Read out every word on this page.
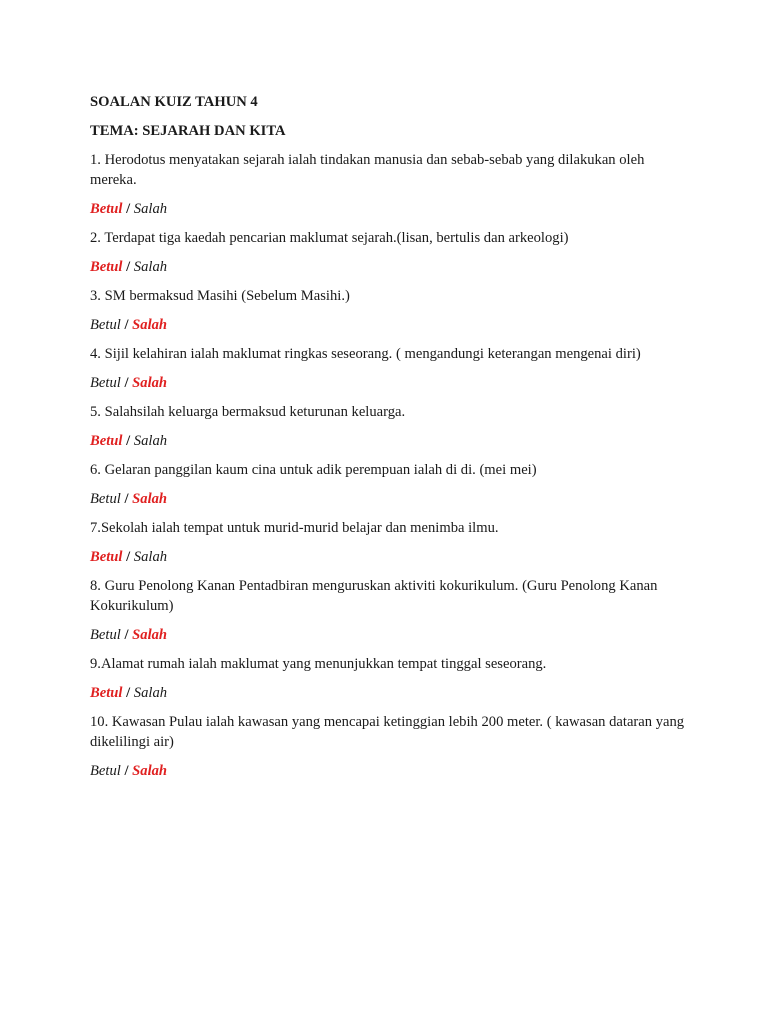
SOALAN KUIZ TAHUN 4
TEMA: SEJARAH DAN KITA
1. Herodotus menyatakan sejarah ialah tindakan manusia dan sebab-sebab yang dilakukan oleh mereka.
Betul / Salah
2. Terdapat tiga kaedah pencarian maklumat sejarah.(lisan, bertulis dan arkeologi)
Betul / Salah
3. SM bermaksud Masihi (Sebelum Masihi.)
Betul / Salah
4. Sijil kelahiran ialah maklumat ringkas seseorang. ( mengandungi keterangan mengenai diri)
Betul / Salah
5. Salahsilah keluarga bermaksud keturunan keluarga.
Betul / Salah
6. Gelaran panggilan kaum cina untuk adik perempuan ialah di di. (mei mei)
Betul / Salah
7.Sekolah ialah tempat untuk murid-murid belajar dan menimba ilmu.
Betul / Salah
8. Guru Penolong Kanan Pentadbiran menguruskan aktiviti kokurikulum. (Guru Penolong Kanan Kokurikulum)
Betul / Salah
9.Alamat rumah ialah maklumat yang menunjukkan tempat tinggal seseorang.
Betul / Salah
10. Kawasan Pulau ialah kawasan yang mencapai ketinggian lebih 200 meter. ( kawasan dataran yang dikelilingi air)
Betul / Salah
